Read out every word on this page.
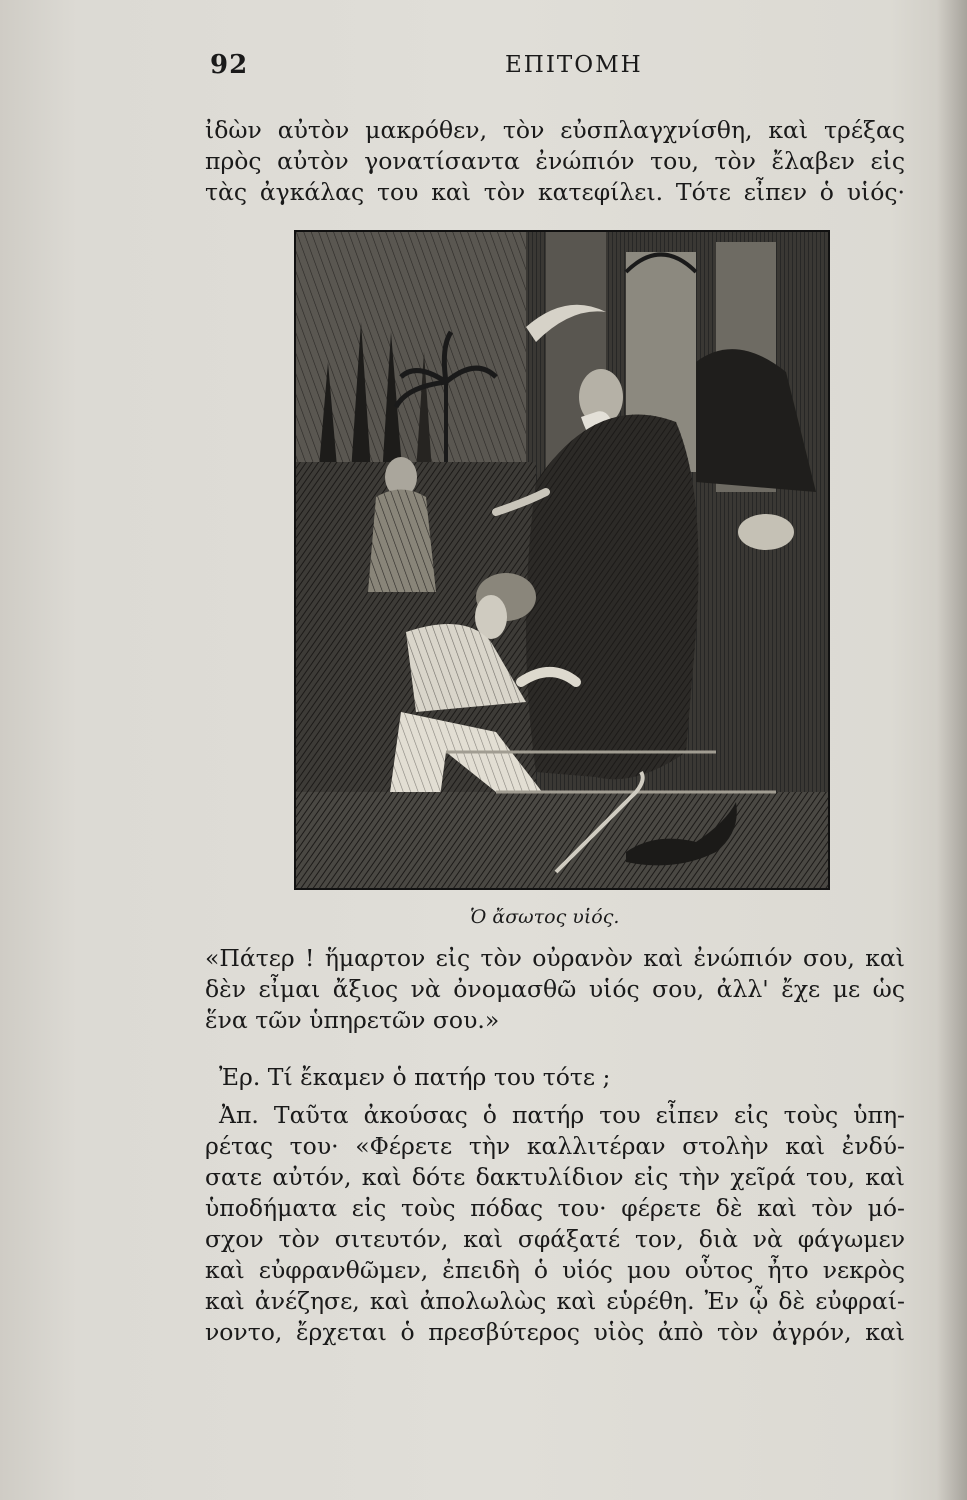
92	ΕΠΙΤΟΜΗ
ἰδὼν αὐτὸν μακρόθεν, τὸν εὐσπλαγχνίσθη, καὶ τρέξας
πρὸς αὐτὸν γονατίσαντα ἐνώπιόν του, τὸν ἔλαβεν εἰς
τὰς ἀγκάλας του καὶ τὸν κατεφίλει. Τότε εἶπεν ὁ υἱός·
Ὁ ἄσωτος υἱός.
«Πάτερ ! ἥμαρτον εἰς τὸν οὐρανὸν καὶ ἐνώπιόν σου, καὶ
δὲν εἶμαι ἄξιος νὰ ὀνομασθῶ υἱός σου, ἀλλ' ἔχε με ὡς
ἕνα τῶν ὑπηρετῶν σου.»
Ἐρ. Τί ἔκαμεν ὁ πατήρ του τότε ;
Ἀπ. Ταῦτα ἀκούσας ὁ πατήρ του εἶπεν εἰς τοὺς ὑπη-
ρέτας του· «Φέρετε τὴν καλλιτέραν στολὴν καὶ ἐνδύ-
σατε αὐτόν, καὶ δότε δακτυλίδιον εἰς τὴν χεῖρά του, καὶ
ὑποδήματα εἰς τοὺς πόδας του· φέρετε δὲ καὶ τὸν μό-
σχον τὸν σιτευτόν, καὶ σφάξατέ τον, διὰ νὰ φάγωμεν
καὶ εὐφρανθῶμεν, ἐπειδὴ ὁ υἱός μου οὗτος ἦτο νεκρὸς
καὶ ἀνέζησε, καὶ ἀπολωλὼς καὶ εὑρέθη. Ἐν ᾧ δὲ εὐφραί-
νοντο, ἔρχεται ὁ πρεσβύτερος υἱὸς ἀπὸ τὸν ἀγρόν, καὶ
